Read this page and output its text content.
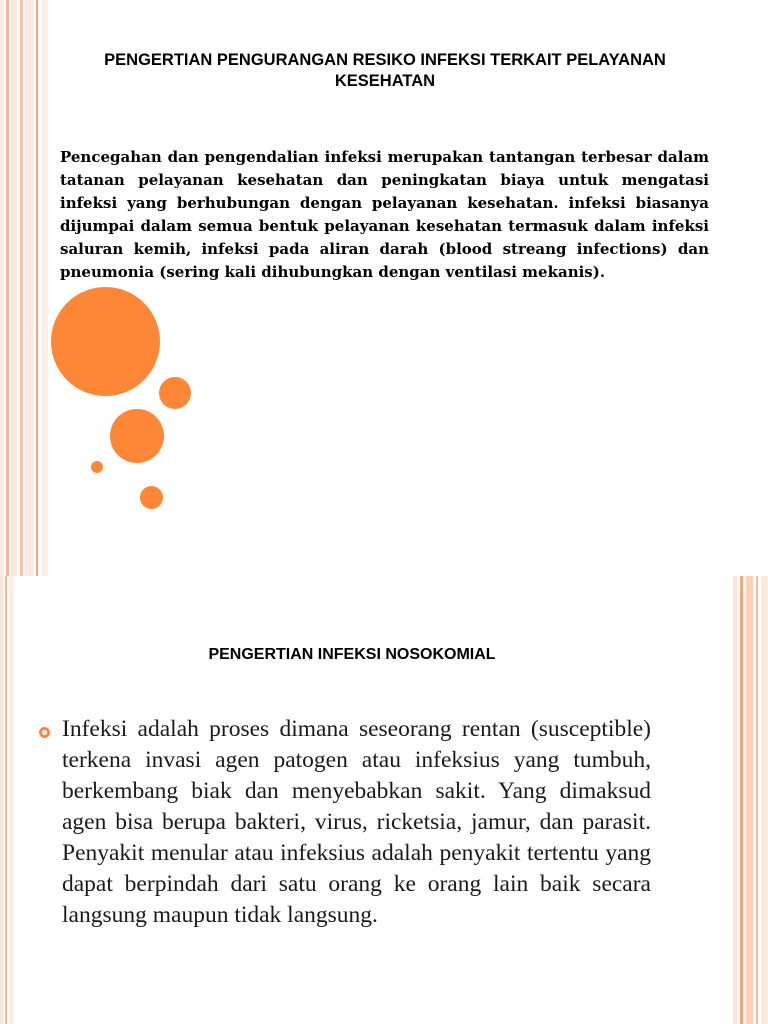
PENGERTIAN PENGURANGAN RESIKO INFEKSI TERKAIT PELAYANAN KESEHATAN
Pencegahan dan pengendalian infeksi merupakan tantangan terbesar dalam tatanan pelayanan kesehatan dan peningkatan biaya untuk mengatasi infeksi yang berhubungan dengan pelayanan kesehatan. infeksi biasanya dijumpai dalam semua bentuk pelayanan kesehatan termasuk dalam infeksi saluran kemih, infeksi pada aliran darah (blood streang infections) dan pneumonia (sering kali dihubungkan dengan ventilasi mekanis).
PENGERTIAN INFEKSI NOSOKOMIAL
Infeksi adalah proses dimana seseorang rentan (susceptible) terkena invasi agen patogen atau infeksius yang tumbuh, berkembang biak dan menyebabkan sakit. Yang dimaksud agen bisa berupa bakteri, virus, ricketsia, jamur, dan parasit. Penyakit menular atau infeksius adalah penyakit tertentu yang dapat berpindah dari satu orang ke orang lain baik secara langsung maupun tidak langsung.
